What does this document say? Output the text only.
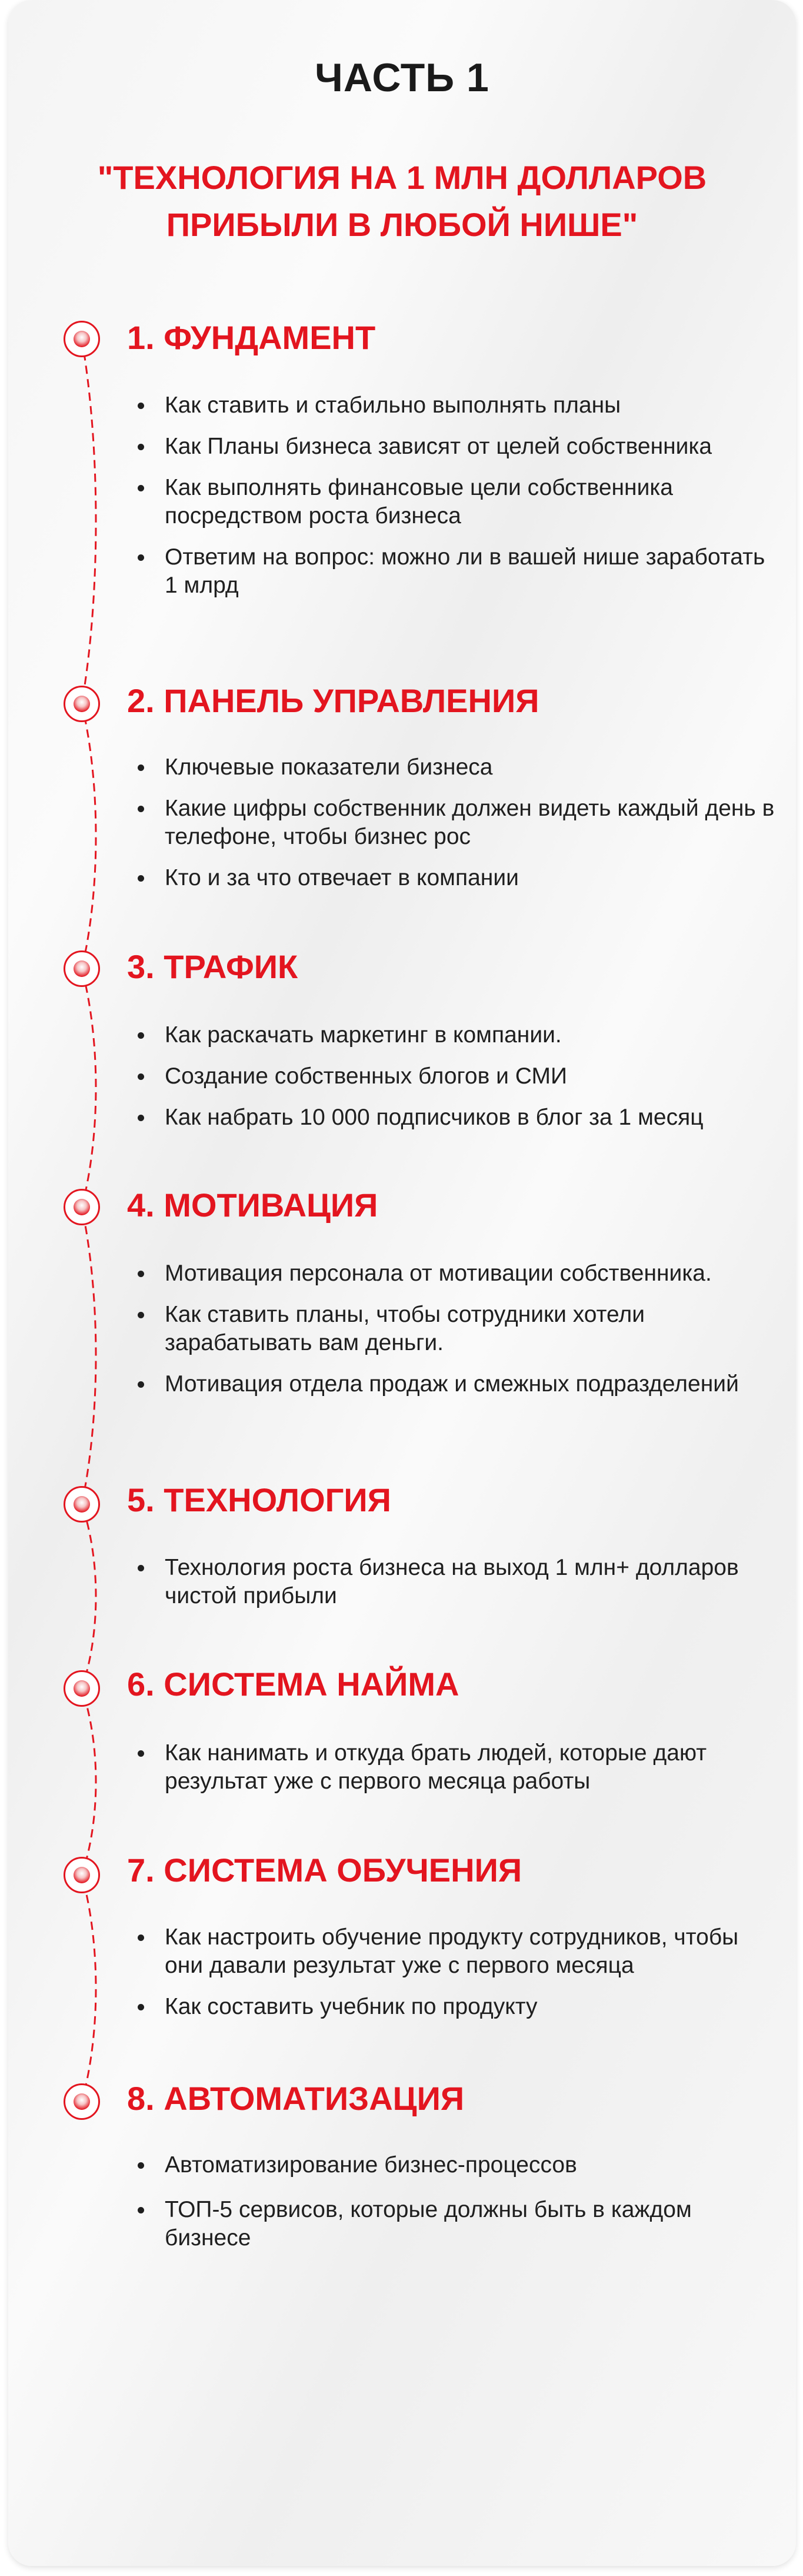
ЧАСТЬ 1
"ТЕХНОЛОГИЯ НА 1 МЛН ДОЛЛАРОВ
ПРИБЫЛИ В ЛЮБОЙ НИШЕ"
1. ФУНДАМЕНТ
Как ставить и стабильно выполнять планы
Как Планы бизнеса зависят от целей собственника
Как выполнять финансовые цели собственника посредством роста бизнеса
Ответим на вопрос: можно ли в вашей нише заработать 1 млрд
2. ПАНЕЛЬ УПРАВЛЕНИЯ
Ключевые показатели бизнеса
Какие цифры собственник должен видеть каждый день в телефоне, чтобы бизнес рос
Кто и за что отвечает в компании
3. ТРАФИК
Как раскачать маркетинг в компании.
Создание собственных блогов и СМИ
Как набрать 10 000 подписчиков в блог за 1 месяц
4. МОТИВАЦИЯ
Мотивация персонала от мотивации собственника.
Как ставить планы, чтобы сотрудники хотели зарабатывать вам деньги.
Мотивация отдела продаж и смежных подразделений
5. ТЕХНОЛОГИЯ
Технология роста бизнеса на выход 1 млн+ долларов чистой прибыли
6. СИСТЕМА НАЙМА
Как нанимать и откуда брать людей, которые дают результат уже с первого месяца работы
7. СИСТЕМА ОБУЧЕНИЯ
Как настроить обучение продукту сотрудников, чтобы они давали результат уже с первого месяца
Как составить учебник по продукту
8. АВТОМАТИЗАЦИЯ
Автоматизирование бизнес-процессов
ТОП-5 сервисов, которые должны быть в каждом бизнесе
